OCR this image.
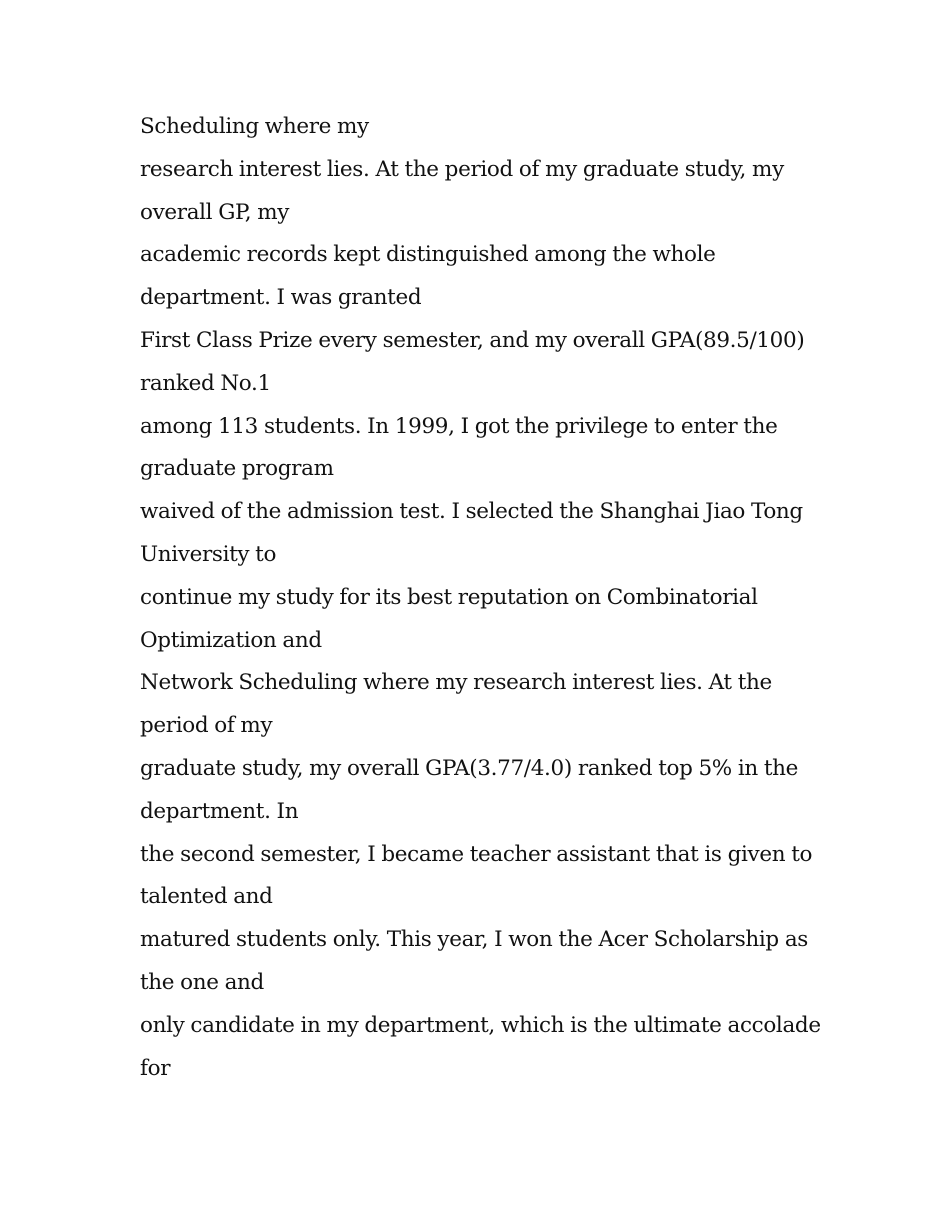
Scheduling where my
research interest lies. At the period of my graduate study, my
overall GP, my
academic records kept distinguished among the whole
department. I was granted
First Class Prize every semester, and my overall GPA(89.5/100)
ranked No.1
among 113 students. In 1999, I got the privilege to enter the
graduate program
waived of the admission test. I selected the Shanghai Jiao Tong
University to
continue my study for its best reputation on Combinatorial
Optimization and
Network Scheduling where my research interest lies. At the
period of my
graduate study, my overall GPA(3.77/4.0) ranked top 5% in the
department. In
the second semester, I became teacher assistant that is given to
talented and
matured students only. This year, I won the Acer Scholarship as
the one and
only candidate in my department, which is the ultimate accolade
for
